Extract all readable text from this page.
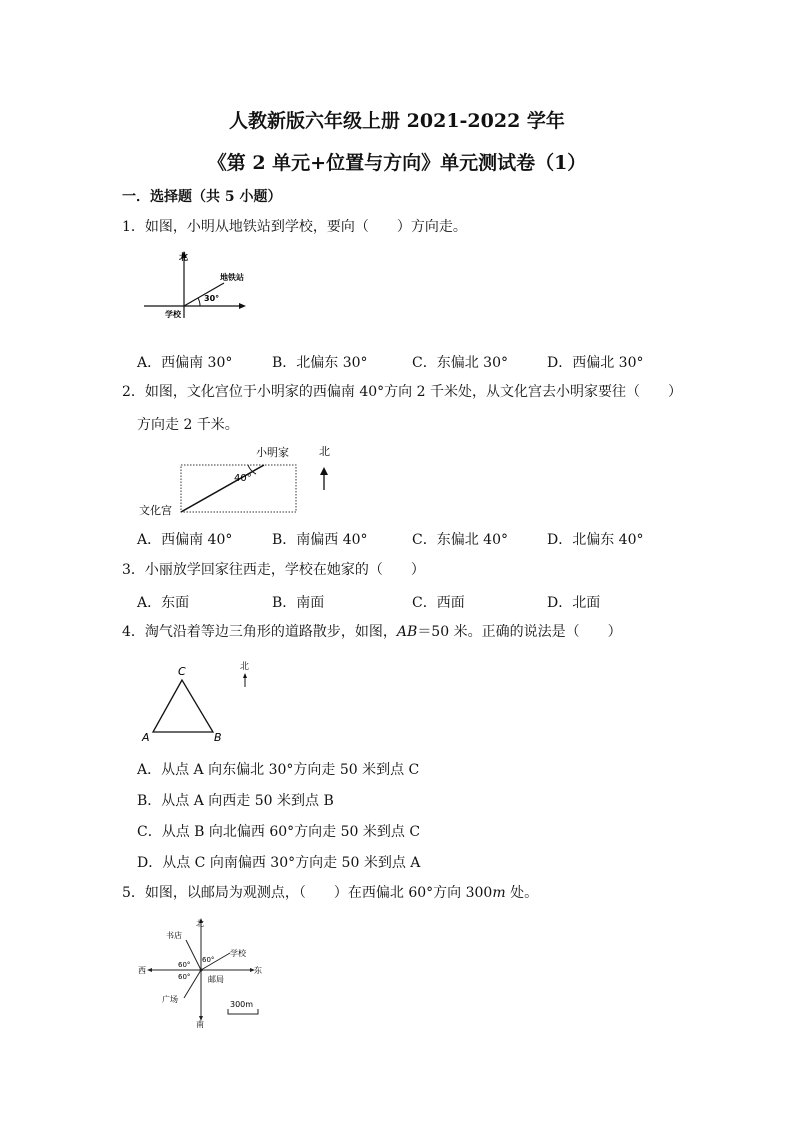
人教新版六年级上册 2021-2022 学年
《第 2 单元+位置与方向》单元测试卷（1）
一．选择题（共 5 小题）
1．如图，小明从地铁站到学校，要向（　　）方向走。
北
地铁站
30°
学校
A．西偏南 30°	B．北偏东 30°	C．东偏北 30°	D．西偏北 30°
2．如图，文化宫位于小明家的西偏南 40°方向 2 千米处，从文化宫去小明家要往（　　）
方向走 2 千米。
小明家
40°
文化宫
北
A．西偏南 40°	B．南偏西 40°	C．东偏北 40°	D．北偏东 40°
3．小丽放学回家往西走，学校在她家的（　　）
A．东面	B．南面	C．西面	D．北面
4．淘气沿着等边三角形的道路散步，如图，AB＝50 米。正确的说法是（　　）
C
A	B
北
A．从点 A 向东偏北 30°方向走 50 米到点 C
B．从点 A 向西走 50 米到点 B
C．从点 B 向北偏西 60°方向走 50 米到点 C
D．从点 C 向南偏西 30°方向走 50 米到点 A
5．如图，以邮局为观测点，（　　）在西偏北 60°方向 300m 处。
北
南
西	东
书店
学校
邮局
广场
60°
60°
60°
300m
